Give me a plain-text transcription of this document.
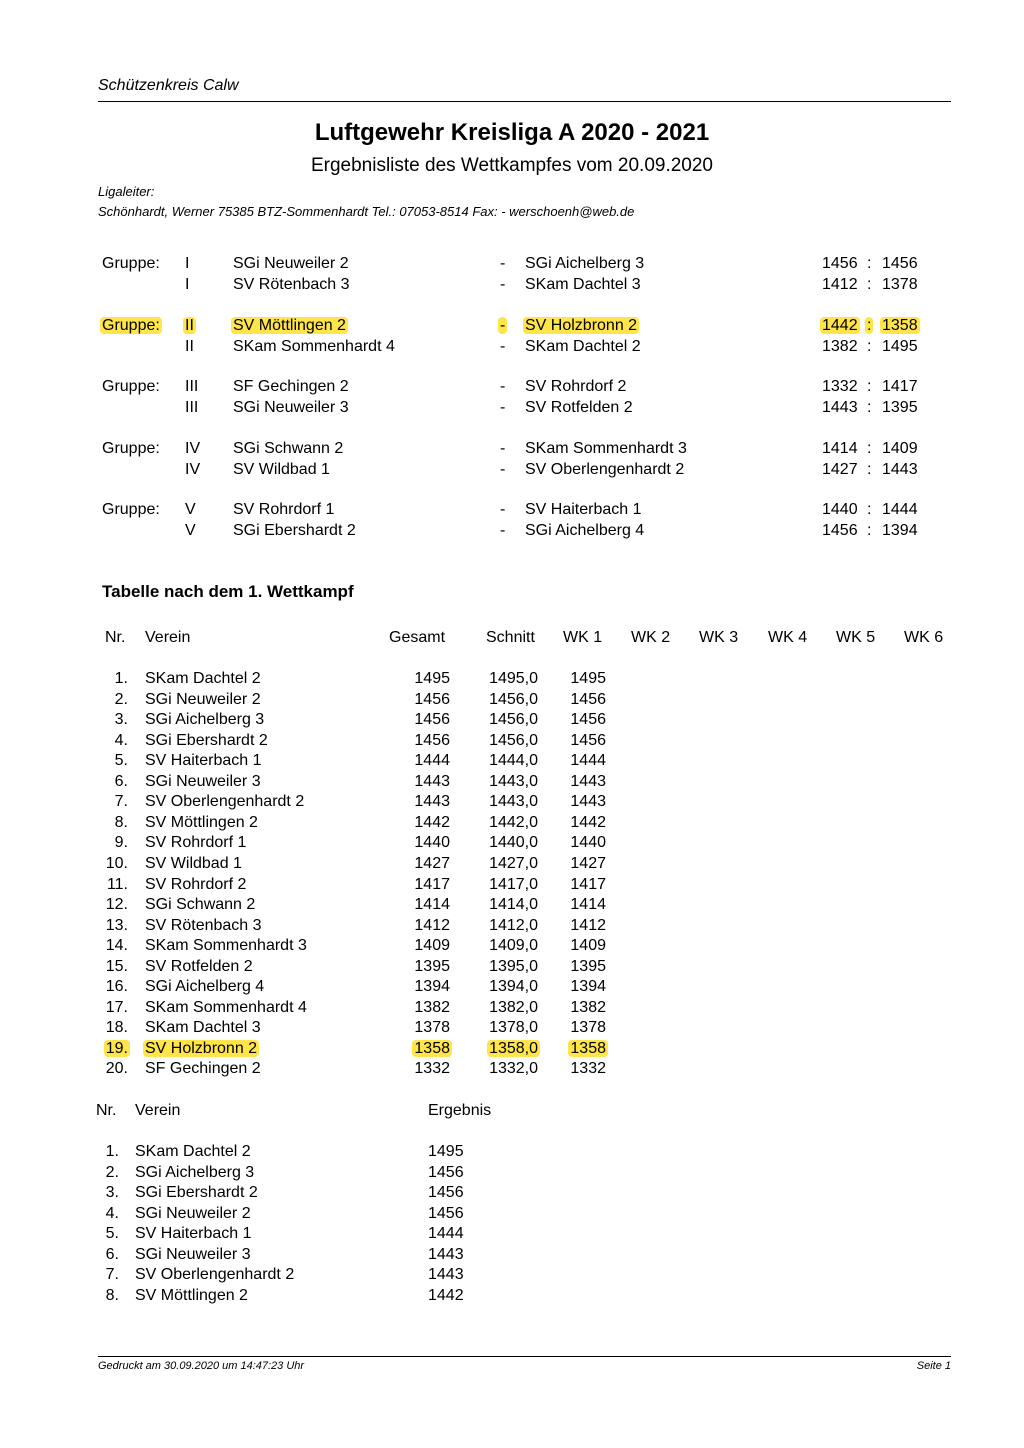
Schützenkreis Calw
Luftgewehr Kreisliga A 2020 - 2021
Ergebnisliste des Wettkampfes vom 20.09.2020
Ligaleiter:
Schönhardt, Werner 75385 BTZ-Sommenhardt Tel.: 07053-8514 Fax: - werschoenh@web.de
Gruppe: I	SGi Neuweiler 2	- SGi Aichelberg 3	1456 : 1456
I	SV Rötenbach 3	- SKam Dachtel 3	1412 : 1378
Gruppe: II SV Möttlingen 2	- SV Holzbronn 2	1442 : 1358
II SKam Sommenhardt 4	- SKam Dachtel 2	1382 : 1495
Gruppe: III SF Gechingen 2	- SV Rohrdorf 2	1332 : 1417
III SGi Neuweiler 3	- SV Rotfelden 2	1443 : 1395
Gruppe: IV SGi Schwann 2	- SKam Sommenhardt 3	1414 : 1409
IV SV Wildbad 1	- SV Oberlengenhardt 2	1427 : 1443
Gruppe: V SV Rohrdorf 1	- SV Haiterbach 1	1440 : 1444
V SGi Ebershardt 2	- SGi Aichelberg 4	1456 : 1394
Tabelle nach dem 1. Wettkampf
Nr. Verein	Gesamt	Schnitt WK 1 WK 2 WK 3 WK 4 WK 5 WK 6
1. SKam Dachtel 2	1495	1495,0	1495
2. SGi Neuweiler 2	1456	1456,0	1456
3. SGi Aichelberg 3	1456	1456,0	1456
4. SGi Ebershardt 2	1456	1456,0	1456
5. SV Haiterbach 1	1444	1444,0	1444
6. SGi Neuweiler 3	1443	1443,0	1443
7. SV Oberlengenhardt 2	1443	1443,0	1443
8. SV Möttlingen 2	1442	1442,0	1442
9. SV Rohrdorf 1	1440	1440,0	1440
10. SV Wildbad 1	1427	1427,0	1427
11. SV Rohrdorf 2	1417	1417,0	1417
12. SGi Schwann 2	1414	1414,0	1414
13. SV Rötenbach 3	1412	1412,0	1412
14. SKam Sommenhardt 3	1409	1409,0	1409
15. SV Rotfelden 2	1395	1395,0	1395
16. SGi Aichelberg 4	1394	1394,0	1394
17. SKam Sommenhardt 4	1382	1382,0	1382
18. SKam Dachtel 3	1378	1378,0	1378
19. SV Holzbronn 2	1358	1358,0	1358
20. SF Gechingen 2	1332	1332,0	1332
Nr. Verein	Ergebnis
1. SKam Dachtel 2	1495
2. SGi Aichelberg 3	1456
3. SGi Ebershardt 2	1456
4. SGi Neuweiler 2	1456
5. SV Haiterbach 1	1444
6. SGi Neuweiler 3	1443
7. SV Oberlengenhardt 2	1443
8. SV Möttlingen 2	1442
Gedruckt am 30.09.2020 um 14:47:23 Uhr	Seite 1
